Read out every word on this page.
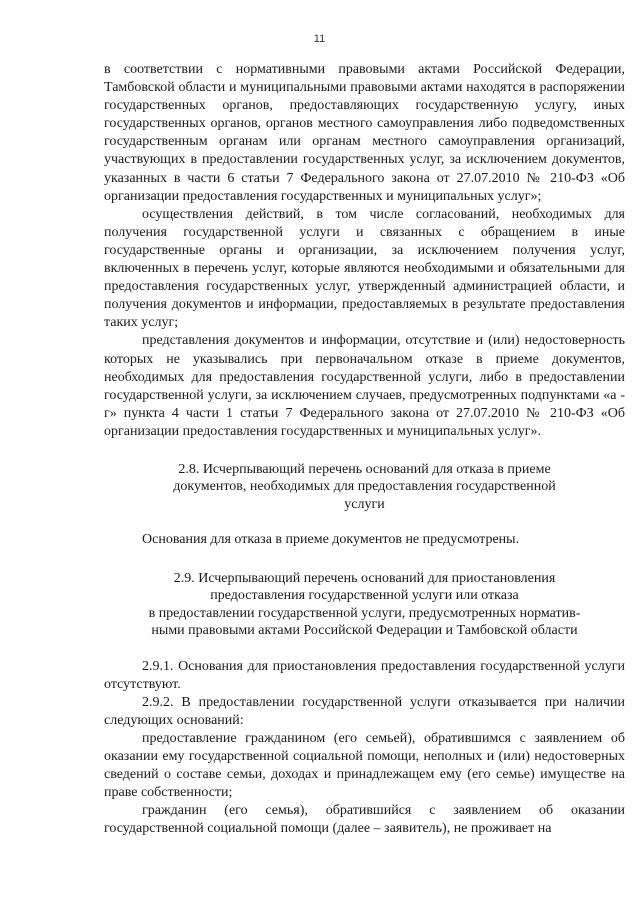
11

в соответствии с нормативными правовыми актами Российской Федерации, Тамбовской области и муниципальными правовыми актами находятся в распоряжении государственных органов, предоставляющих государственную услугу, иных государственных органов, органов местного самоуправления либо подведомственных государственным органам или органам местного самоуправления организаций, участвующих в предоставлении государственных услуг, за исключением документов, указанных в части 6 статьи 7 Федерального закона от 27.07.2010 № 210-ФЗ «Об организации предоставления государственных и муниципальных услуг»;

осуществления действий, в том числе согласований, необходимых для получения государственной услуги и связанных с обращением в иные государственные органы и организации, за исключением получения услуг, включенных в перечень услуг, которые являются необходимыми и обязательными для предоставления государственных услуг, утвержденный администрацией области, и получения документов и информации, предоставляемых в результате предоставления таких услуг;

представления документов и информации, отсутствие и (или) недостоверность которых не указывались при первоначальном отказе в приеме документов, необходимых для предоставления государственной услуги, либо в предоставлении государственной услуги, за исключением случаев, предусмотренных подпунктами «а - г» пункта 4 части 1 статьи 7 Федерального закона от 27.07.2010 № 210-ФЗ «Об организации предоставления государственных и муниципальных услуг».

2.8. Исчерпывающий перечень оснований для отказа в приеме
документов, необходимых для предоставления государственной
услуги

Основания для отказа в приеме документов не предусмотрены.

2.9. Исчерпывающий перечень оснований для приостановления
предоставления государственной услуги или отказа
в предоставлении государственной услуги, предусмотренных норматив-
ными правовыми актами Российской Федерации и Тамбовской области

2.9.1. Основания для приостановления предоставления государственной услуги отсутствуют.

2.9.2. В предоставлении государственной услуги отказывается при наличии следующих оснований:

предоставление гражданином (его семьей), обратившимся с заявлением об оказании ему государственной социальной помощи, неполных и (или) недостоверных сведений о составе семьи, доходах и принадлежащем ему (его семье) имуществе на праве собственности;

гражданин (его семья), обратившийся с заявлением об оказании государственной социальной помощи (далее – заявитель), не проживает на
